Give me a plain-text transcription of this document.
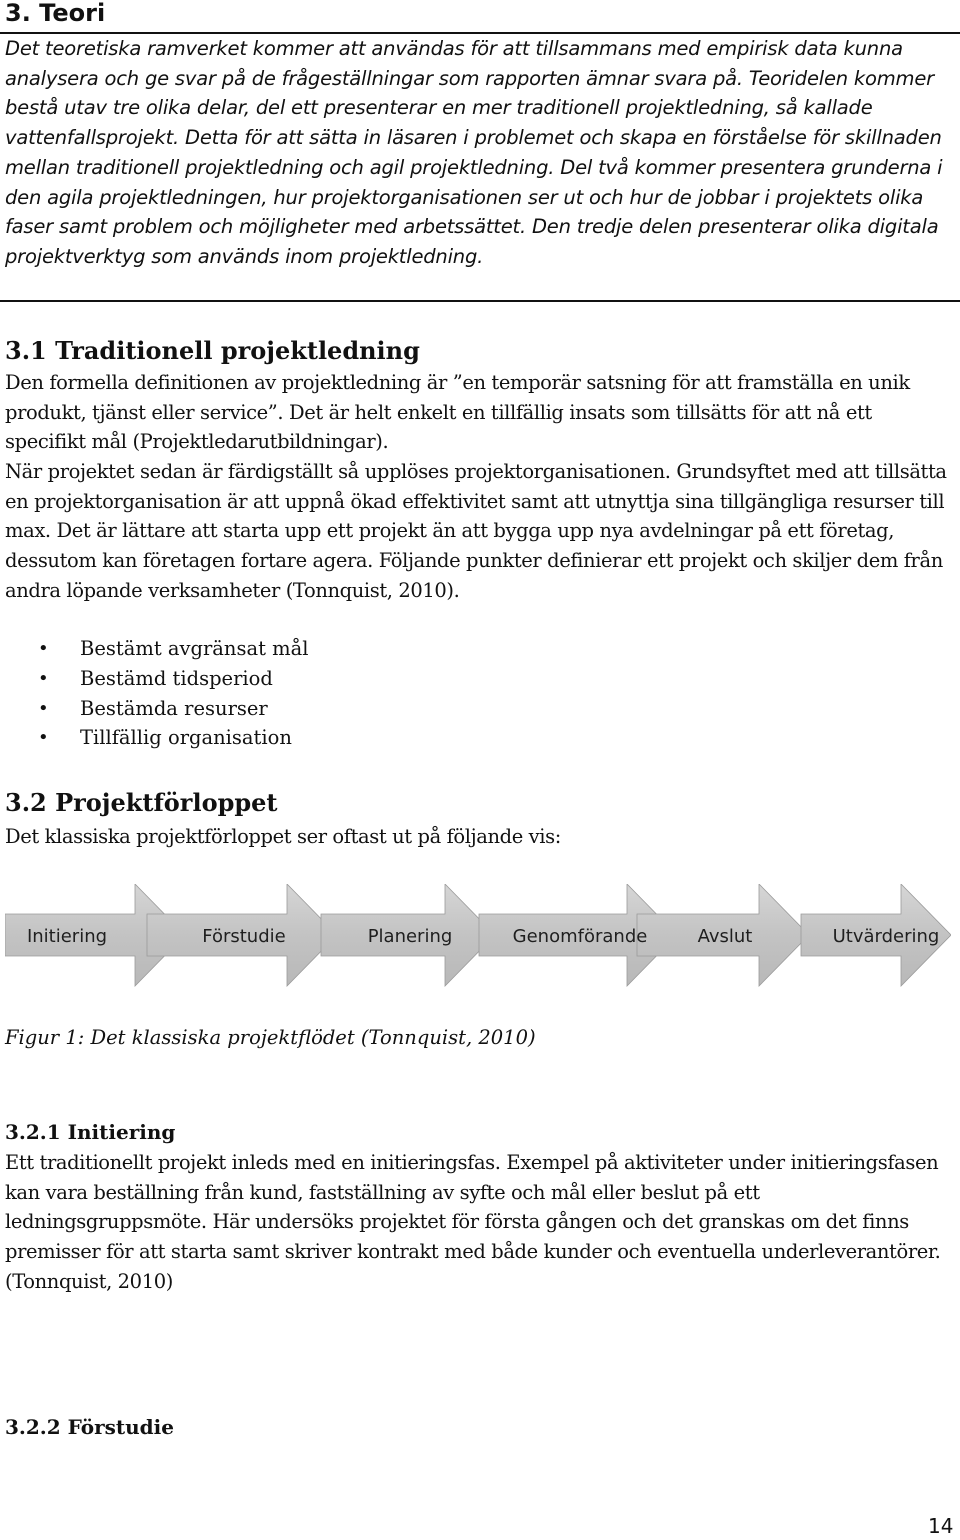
3. Teori

Det teoretiska ramverket kommer att användas för att tillsammans med empirisk data kunna analysera och ge svar på de frågeställningar som rapporten ämnar svara på. Teoridelen kommer bestå utav tre olika delar, del ett presenterar en mer traditionell projektledning, så kallade vattenfallsprojekt. Detta för att sätta in läsaren i problemet och skapa en förståelse för skillnaden mellan traditionell projektledning och agil projektledning. Del två kommer presentera grunderna i den agila projektledningen, hur projektorganisationen ser ut och hur de jobbar i projektets olika faser samt problem och möjligheter med arbetssättet. Den tredje delen presenterar olika digitala projektverktyg som används inom projektledning.

3.1 Traditionell projektledning

Den formella definitionen av projektledning är ”en temporär satsning för att framställa en unik produkt, tjänst eller service”. Det är helt enkelt en tillfällig insats som tillsätts för att nå ett specifikt mål (Projektledarutbildningar).

När projektet sedan är färdigställt så upplöses projektorganisationen. Grundsyftet med att tillsätta en projektorganisation är att uppnå ökad effektivitet samt att utnyttja sina tillgängliga resurser till max. Det är lättare att starta upp ett projekt än att bygga upp nya avdelningar på ett företag, dessutom kan företagen fortare agera. Följande punkter definierar ett projekt och skiljer dem från andra löpande verksamheter (Tonnquist, 2010).

• Bestämt avgränsat mål
• Bestämd tidsperiod
• Bestämda resurser
• Tillfällig organisation
3.2 Projektförloppet

Det klassiska projektförloppet ser oftast ut på följande vis:

Initiering	Förstudie	Planering	Genomförande	Avslut	Utvärdering

Figur 1: Det klassiska projektflödet (Tonnquist, 2010)

3.2.1 Initiering

Ett traditionellt projekt inleds med en initieringsfas. Exempel på aktiviteter under initieringsfasen kan vara beställning från kund, fastställning av syfte och mål eller beslut på ett ledningsgruppsmöte. Här undersöks projektet för första gången och det granskas om det finns premisser för att starta samt skriver kontrakt med både kunder och eventuella underleverantörer. (Tonnquist, 2010)

3.2.2 Förstudie
14
